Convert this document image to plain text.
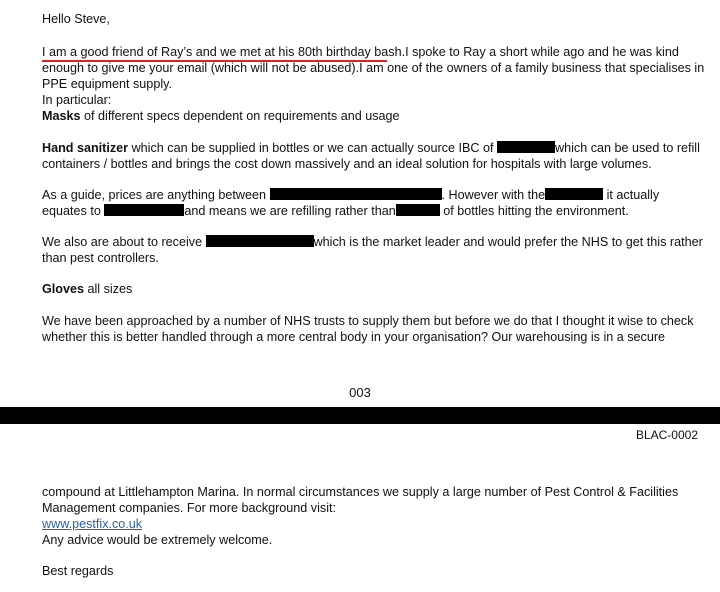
Hello Steve,
I am a good friend of Ray’s and we met at his 80th birthday bash.I spoke to Ray a short while ago and he was kind
enough to give me your email (which will not be abused).I am one of the owners of a family business that specialises in
PPE equipment supply.
In particular:
Masks of different specs dependent on requirements and usage
Hand sanitizer which can be supplied in bottles or we can actually source IBC of	which can be used to refill
containers / bottles and brings the cost down massively and an ideal solution for hospitals with large volumes.
As a guide, prices are anything between	. However with the	it actually
equates to	and means we are refilling rather than	of bottles hitting the environment.
We also are about to receive	which is the market leader and would prefer the NHS to get this rather
than pest controllers.
Gloves all sizes
We have been approached by a number of NHS trusts to supply them but before we do that I thought it wise to check
whether this is better handled through a more central body in your organisation? Our warehousing is in a secure
003
BLAC-0002
compound at Littlehampton Marina. In normal circumstances we supply a large number of Pest Control & Facilities
Management companies. For more background visit:
www.pestfix.co.uk
Any advice would be extremely welcome.
Best regards
